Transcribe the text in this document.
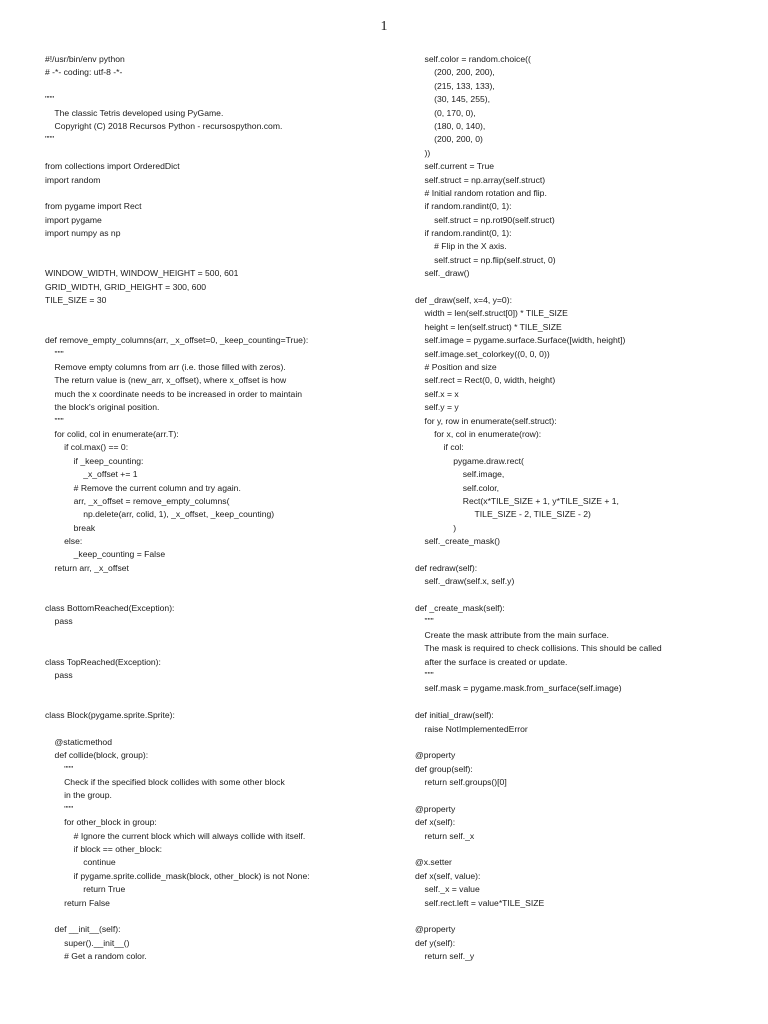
1
#!/usr/bin/env python
# -*- coding: utf-8 -*-
"""
The classic Tetris developed using PyGame.
Copyright (C) 2018 Recursos Python - recursospython.com.
"""
from collections import OrderedDict
import random
from pygame import Rect
import pygame
import numpy as np
WINDOW_WIDTH, WINDOW_HEIGHT = 500, 601
GRID_WIDTH, GRID_HEIGHT = 300, 600
TILE_SIZE = 30
def remove_empty_columns(arr, _x_offset=0, _keep_counting=True):
"""
Remove empty columns from arr (i.e. those filled with zeros).
The return value is (new_arr, x_offset), where x_offset is how
much the x coordinate needs to be increased in order to maintain
the block's original position.
"""
for colid, col in enumerate(arr.T):
if col.max() == 0:
if _keep_counting:
_x_offset += 1
# Remove the current column and try again.
arr, _x_offset = remove_empty_columns(
np.delete(arr, colid, 1), _x_offset, _keep_counting)
break
else:
_keep_counting = False
return arr, _x_offset
class BottomReached(Exception):
pass
class TopReached(Exception):
pass
class Block(pygame.sprite.Sprite):
@staticmethod
def collide(block, group):
"""
Check if the specified block collides with some other block
in the group.
"""
for other_block in group:
# Ignore the current block which will always collide with itself.
if block == other_block:
continue
if pygame.sprite.collide_mask(block, other_block) is not None:
return True
return False
def __init__(self):
super().__init__()
# Get a random color.
self.color = random.choice((
(200, 200, 200),
(215, 133, 133),
(30, 145, 255),
(0, 170, 0),
(180, 0, 140),
(200, 200, 0)
))
self.current = True
self.struct = np.array(self.struct)
# Initial random rotation and flip.
if random.randint(0, 1):
self.struct = np.rot90(self.struct)
if random.randint(0, 1):
# Flip in the X axis.
self.struct = np.flip(self.struct, 0)
self._draw()
def _draw(self, x=4, y=0):
width = len(self.struct[0]) * TILE_SIZE
height = len(self.struct) * TILE_SIZE
self.image = pygame.surface.Surface([width, height])
self.image.set_colorkey((0, 0, 0))
# Position and size
self.rect = Rect(0, 0, width, height)
self.x = x
self.y = y
for y, row in enumerate(self.struct):
for x, col in enumerate(row):
if col:
pygame.draw.rect(
self.image,
self.color,
Rect(x*TILE_SIZE + 1, y*TILE_SIZE + 1,
TILE_SIZE - 2, TILE_SIZE - 2)
)
self._create_mask()
def redraw(self):
self._draw(self.x, self.y)
def _create_mask(self):
"""
Create the mask attribute from the main surface.
The mask is required to check collisions. This should be called
after the surface is created or update.
"""
self.mask = pygame.mask.from_surface(self.image)
def initial_draw(self):
raise NotImplementedError
@property
def group(self):
return self.groups()[0]
@property
def x(self):
return self._x
@x.setter
def x(self, value):
self._x = value
self.rect.left = value*TILE_SIZE
@property
def y(self):
return self._y
